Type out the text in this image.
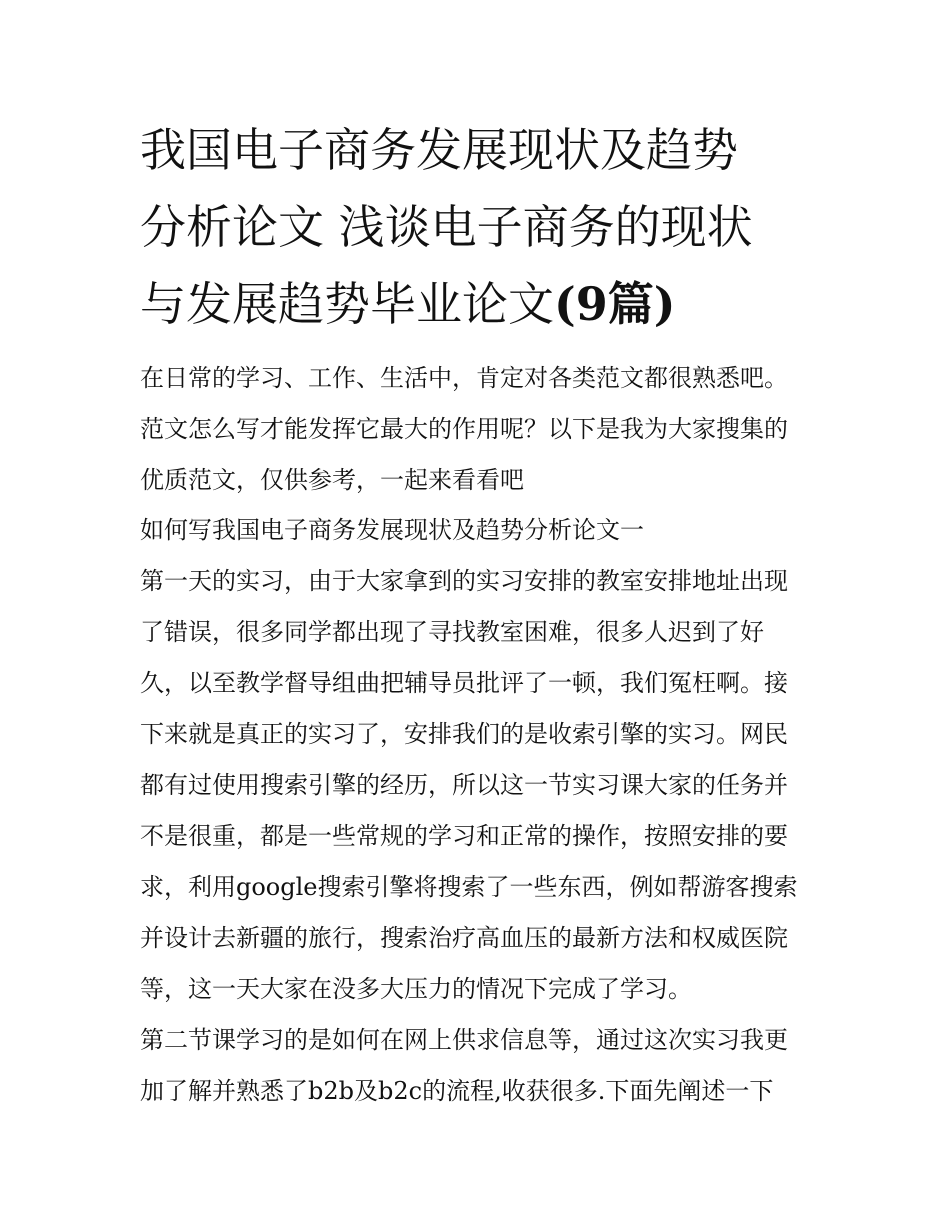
我国电子商务发展现状及趋势
分析论文 浅谈电子商务的现状
与发展趋势毕业论文(9篇)
在日常的学习、工作、生活中，肯定对各类范文都很熟悉吧。
范文怎么写才能发挥它最大的作用呢？以下是我为大家搜集的
优质范文，仅供参考，一起来看看吧
如何写我国电子商务发展现状及趋势分析论文一
第一天的实习，由于大家拿到的实习安排的教室安排地址出现
了错误，很多同学都出现了寻找教室困难，很多人迟到了好
久，以至教学督导组曲把辅导员批评了一顿，我们冤枉啊。接
下来就是真正的实习了，安排我们的是收索引擎的实习。网民
都有过使用搜索引擎的经历，所以这一节实习课大家的任务并
不是很重，都是一些常规的学习和正常的操作，按照安排的要
求，利用google搜索引擎将搜索了一些东西，例如帮游客搜索
并设计去新疆的旅行，搜索治疗高血压的最新方法和权威医院
等，这一天大家在没多大压力的情况下完成了学习。
第二节课学习的是如何在网上供求信息等，通过这次实习我更
加了解并熟悉了b2b及b2c的流程,收获很多.下面先阐述一下
